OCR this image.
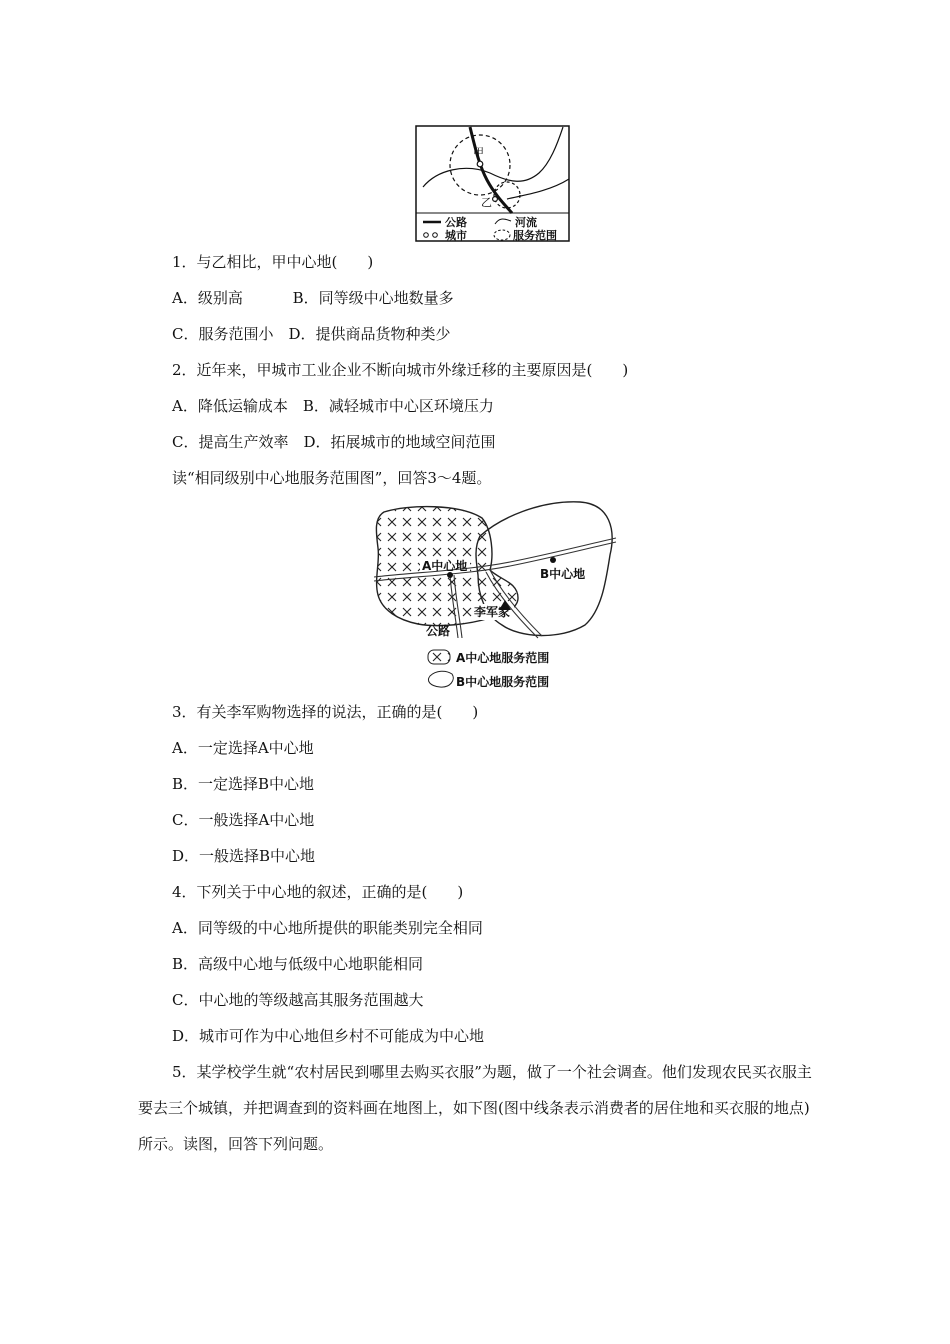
甲
乙
公路	河流
城市	服务范围
1．与乙相比，甲中心地(　　)
A．级别高　　　 B．同等级中心地数量多
C．服务范围小　D．提供商品货物种类少
2．近年来，甲城市工业企业不断向城市外缘迁移的主要原因是(　　)
A．降低运输成本　B．减轻城市中心区环境压力
C．提高生产效率　D．拓展城市的地域空间范围
读“相同级别中心地服务范围图”，回答3～4题。
A中心地
B中心地
李军家
公路
A中心地服务范围
B中心地服务范围
3．有关李军购物选择的说法，正确的是(　　)
A．一定选择A中心地
B．一定选择B中心地
C．一般选择A中心地
D．一般选择B中心地
4．下列关于中心地的叙述，正确的是(　　)
A．同等级的中心地所提供的职能类别完全相同
B．高级中心地与低级中心地职能相同
C．中心地的等级越高其服务范围越大
D．城市可作为中心地但乡村不可能成为中心地
5．某学校学生就“农村居民到哪里去购买衣服”为题，做了一个社会调查。他们发现农民买衣服主要去三个城镇，并把调查到的资料画在地图上，如下图(图中线条表示消费者的居住地和买衣服的地点)所示。读图，回答下列问题。
